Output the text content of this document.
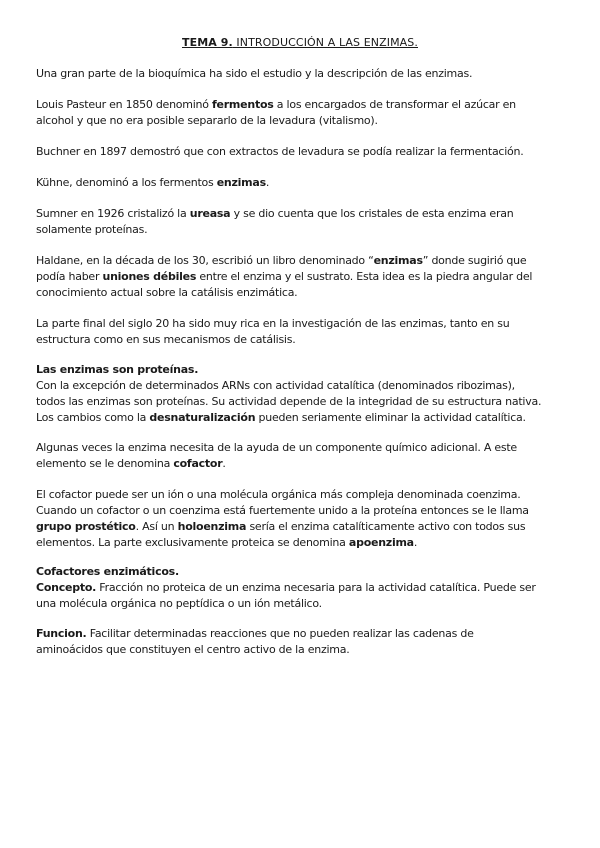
TEMA 9. INTRODUCCIÓN A LAS ENZIMAS.
Una gran parte de la bioquímica ha sido el estudio y la descripción de las enzimas.
Louis Pasteur en 1850 denominó fermentos a los encargados de transformar el azúcar en
alcohol y que no era posible separarlo de la levadura (vitalismo).
Buchner en 1897 demostró que con extractos de levadura se podía realizar la fermentación.
Kühne, denominó a los fermentos enzimas.
Sumner en 1926 cristalizó la ureasa y se dio cuenta que los cristales de esta enzima eran
solamente proteínas.
Haldane, en la década de los 30, escribió un libro denominado “enzimas” donde sugirió que
podía haber uniones débiles entre el enzima y el sustrato. Esta idea es la piedra angular del
conocimiento actual sobre la catálisis enzimática.
La parte final del siglo 20 ha sido muy rica en la investigación de las enzimas, tanto en su
estructura como en sus mecanismos de catálisis.
Las enzimas son proteínas.
Con la excepción de determinados ARNs con actividad catalítica (denominados ribozimas),
todos las enzimas son proteínas. Su actividad depende de la integridad de su estructura nativa.
Los cambios como la desnaturalización pueden seriamente eliminar la actividad catalítica.
Algunas veces la enzima necesita de la ayuda de un componente químico adicional. A este
elemento se le denomina cofactor.
El cofactor puede ser un ión o una molécula orgánica más compleja denominada coenzima.
Cuando un cofactor o un coenzima está fuertemente unido a la proteína entonces se le llama
grupo prostético. Así un holoenzima sería el enzima catalíticamente activo con todos sus
elementos. La parte exclusivamente proteica se denomina apoenzima.
Cofactores enzimáticos.
Concepto. Fracción no proteica de un enzima necesaria para la actividad catalítica. Puede ser
una molécula orgánica no peptídica o un ión metálico.
Funcion. Facilitar determinadas reacciones que no pueden realizar las cadenas de
aminoácidos que constituyen el centro activo de la enzima.
